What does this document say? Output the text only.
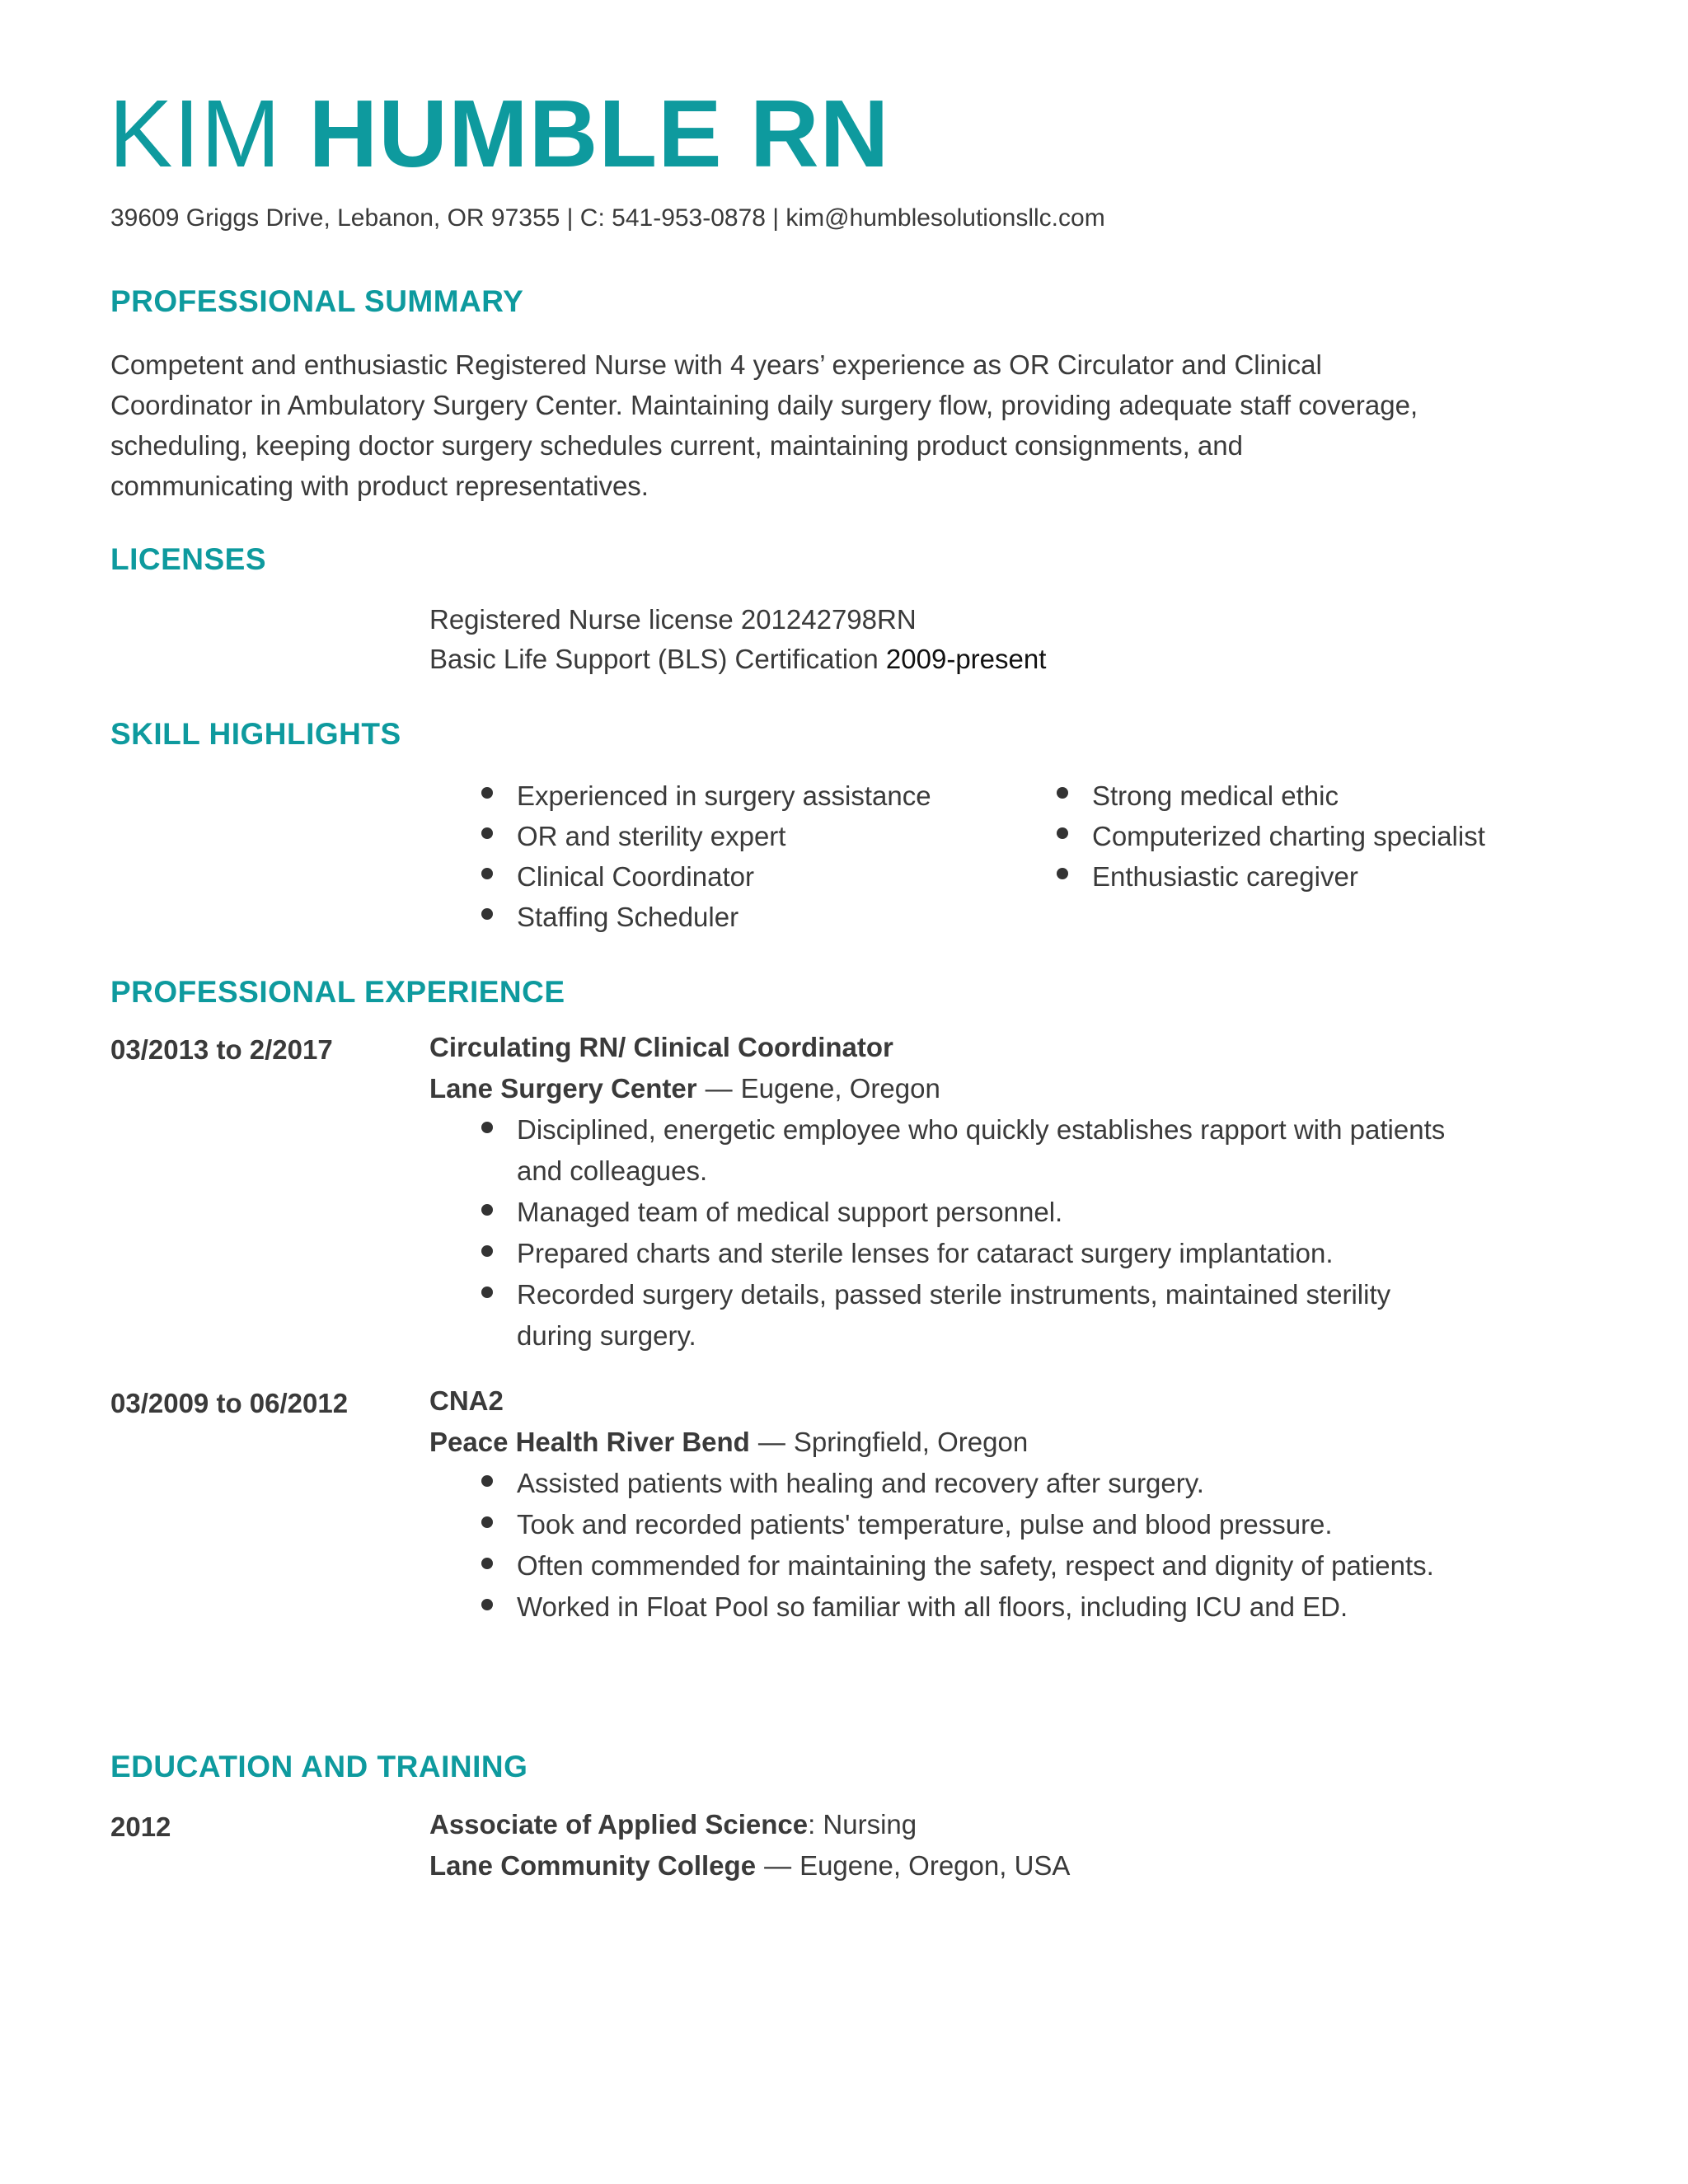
KIM HUMBLE RN
39609 Griggs Drive, Lebanon, OR 97355 | C: 541-953-0878 | kim@humblesolutionsllc.com
PROFESSIONAL SUMMARY

Competent and enthusiastic Registered Nurse with 4 years’ experience as OR Circulator and Clinical

Coordinator in Ambulatory Surgery Center. Maintaining daily surgery flow, providing adequate staff coverage,

scheduling, keeping doctor surgery schedules current, maintaining product consignments, and

communicating with product representatives.

LICENSES
Registered Nurse license 201242798RN
Basic Life Support (BLS) Certification 2009-present
SKILL HIGHLIGHTS
Experienced in surgery assistance
OR and sterility expert
Clinical Coordinator
Staffing Scheduler
Strong medical ethic
Computerized charting specialist
Enthusiastic caregiver
PROFESSIONAL EXPERIENCE
03/2013 to 2/2017	Circulating RN/ Clinical Coordinator
Lane Surgery Center — Eugene, Oregon
Disciplined, energetic employee who quickly establishes rapport with patients and colleagues.
Managed team of medical support personnel.
Prepared charts and sterile lenses for cataract surgery implantation.
Recorded surgery details, passed sterile instruments, maintained sterility during surgery.
03/2009 to 06/2012	CNA2
Peace Health River Bend — Springfield, Oregon
Assisted patients with healing and recovery after surgery.
Took and recorded patients' temperature, pulse and blood pressure.
Often commended for maintaining the safety, respect and dignity of patients.
Worked in Float Pool so familiar with all floors, including ICU and ED.
EDUCATION AND TRAINING
2012	Associate of Applied Science: Nursing
Lane Community College — Eugene, Oregon, USA
